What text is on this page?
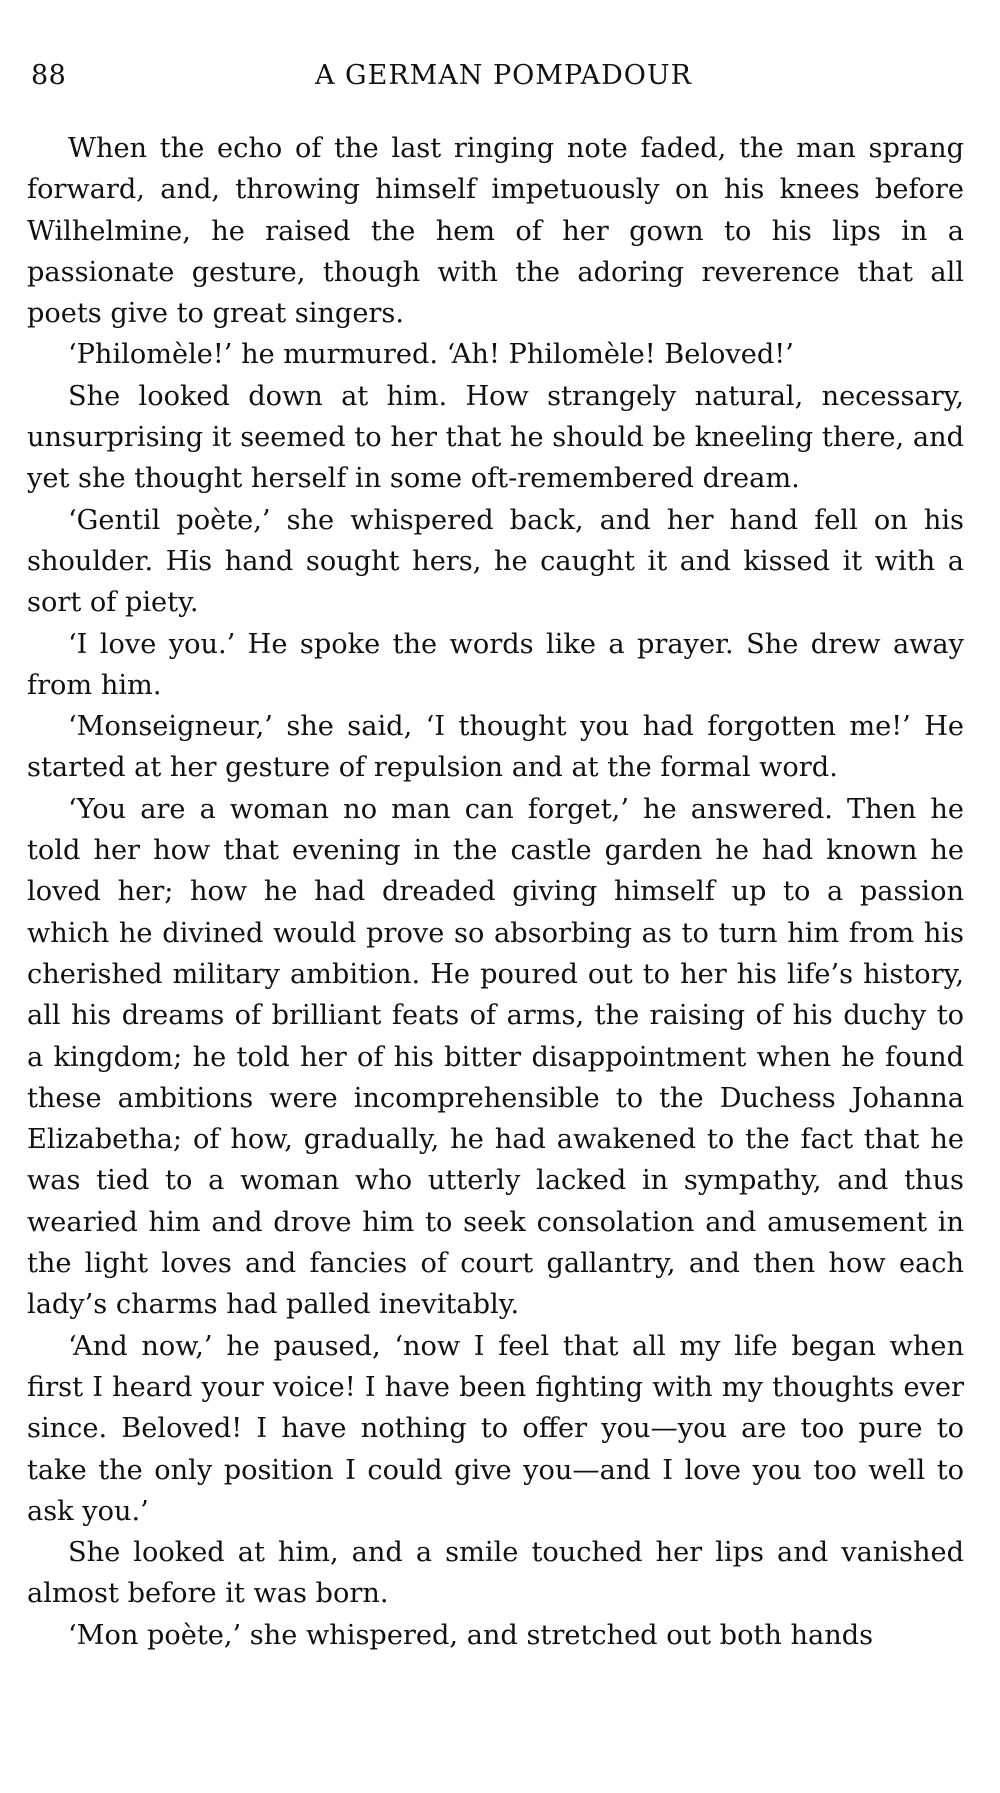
88	A GERMAN POMPADOUR

When the echo of the last ringing note faded, the man sprang forward, and, throwing himself impetuously on his knees before Wilhelmine, he raised the hem of her gown to his lips in a passionate gesture, though with the adoring reverence that all poets give to great singers.

‘Philomèle!’ he murmured. ‘Ah! Philomèle! Beloved!’

She looked down at him. How strangely natural, necessary, unsurprising it seemed to her that he should be kneeling there, and yet she thought herself in some oft-remembered dream.

‘Gentil poète,’ she whispered back, and her hand fell on his shoulder. His hand sought hers, he caught it and kissed it with a sort of piety.

‘I love you.’ He spoke the words like a prayer. She drew away from him.

‘Monseigneur,’ she said, ‘I thought you had forgotten me!’ He started at her gesture of repulsion and at the formal word.

‘You are a woman no man can forget,’ he answered. Then he told her how that evening in the castle garden he had known he loved her; how he had dreaded giving himself up to a passion which he divined would prove so absorbing as to turn him from his cherished military ambition. He poured out to her his life’s history, all his dreams of brilliant feats of arms, the raising of his duchy to a kingdom; he told her of his bitter disappointment when he found these ambitions were incomprehensible to the Duchess Johanna Elizabetha; of how, gradually, he had awakened to the fact that he was tied to a woman who utterly lacked in sympathy, and thus wearied him and drove him to seek consolation and amusement in the light loves and fancies of court gallantry, and then how each lady’s charms had palled inevitably.

‘And now,’ he paused, ‘now I feel that all my life began when first I heard your voice! I have been fighting with my thoughts ever since. Beloved! I have nothing to offer you—you are too pure to take the only position I could give you—and I love you too well to ask you.’

She looked at him, and a smile touched her lips and vanished almost before it was born.

‘Mon poète,’ she whispered, and stretched out both hands
